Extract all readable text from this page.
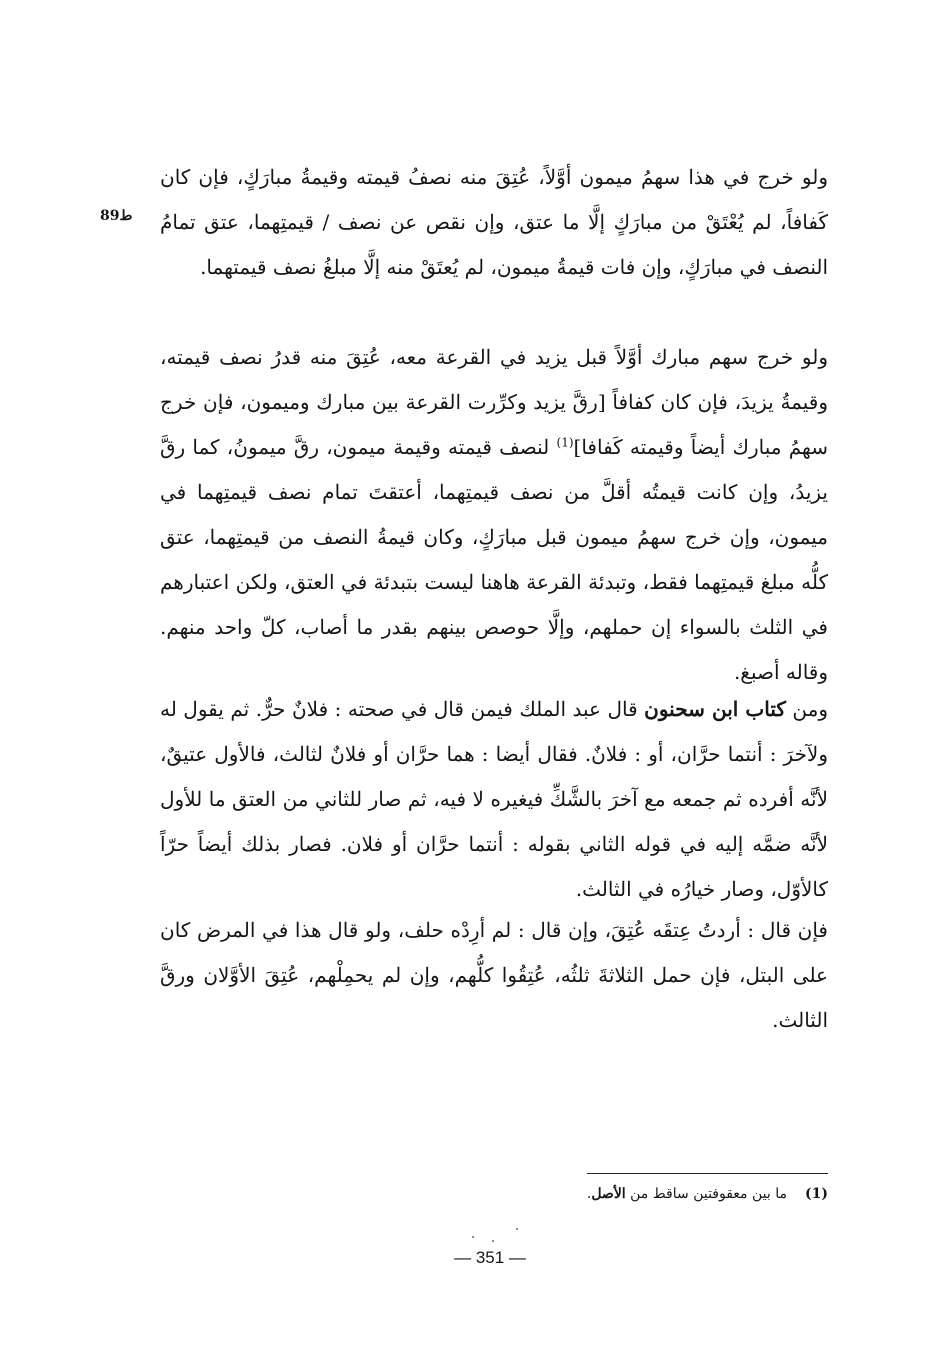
ط89

ولو خرج في هذا سهمُ ميمون أوَّلاً، عُتِقَ منه نصفُ قيمته وقيمةُ مبارَكٍ، فإن كان كَفافاً، لم يُعْتَقْ من مبارَكٍ إلَّا ما عتق، وإن نقص عن نصف / قيمتِهما، عتق تمامُ النصف في مبارَكٍ، وإن فات قيمةُ ميمون، لم يُعتَقْ منه إلَّا مبلغُ نصف قيمتهما.

ولو خرج سهم مبارك أوَّلاً قبل يزيد في القرعة معه، عُتِقَ منه قدرُ نصف قيمته، وقيمةُ يزيدَ، فإن كان كفافاً [رقَّ يزيد وكرِّرت القرعة بين مبارك وميمون، فإن خرج سهمُ مبارك أيضاً وقيمته كَفافا]$^{(1)}$ لنصف قيمته وقيمة ميمون، رقَّ ميمونُ، كما رقَّ يزيدُ، وإن كانت قيمتُه أقلَّ من نصف قيمتِهما، أعتقتَ تمام نصف قيمتِهما في ميمون، وإن خرج سهمُ ميمون قبل مبارَكٍ، وكان قيمةُ النصف من قيمتِهما، عتق كلُّه مبلغ قيمتِهما فقط، وتبدئة القرعة هاهنا ليست بتبدئة في العتق، ولكن اعتبارهم في الثلث بالسواء إن حملهم، وإلَّا حوصص بينهم بقدر ما أصاب، كلّ واحد منهم. وقاله أصبغ.

ومن كتاب ابن سحنون قال عبد الملك فيمن قال في صحته : فلانٌ حرٌّ. ثم يقول له ولآخرَ : أنتما حرَّان، أو : فلانٌ. فقال أيضا : هما حرَّان أو فلانٌ لثالث، فالأول عتيقٌ، لأنَّه أفرده ثم جمعه مع آخرَ بالشَّكِّ فيغيره لا فيه، ثم صار للثاني من العتق ما للأول لأنَّه ضمَّه إليه في قوله الثاني بقوله : أنتما حرَّان أو فلان. فصار بذلك أيضاً حرّاً كالأوّل، وصار خيارُه في الثالث.

فإن قال : أردتُ عِتقَه عُتِقَ، وإن قال : لم أرِدْه حلف، ولو قال هذا في المرض كان على البتل، فإن حمل الثلاثةَ ثلثُه، عُتِقُوا كلُّهم، وإن لم يحمِلْهم، عُتِقَ الأوَّلان ورقَّ الثالث.

(1)ما بين معقوفتين ساقط من الأصل.
— 351 —
